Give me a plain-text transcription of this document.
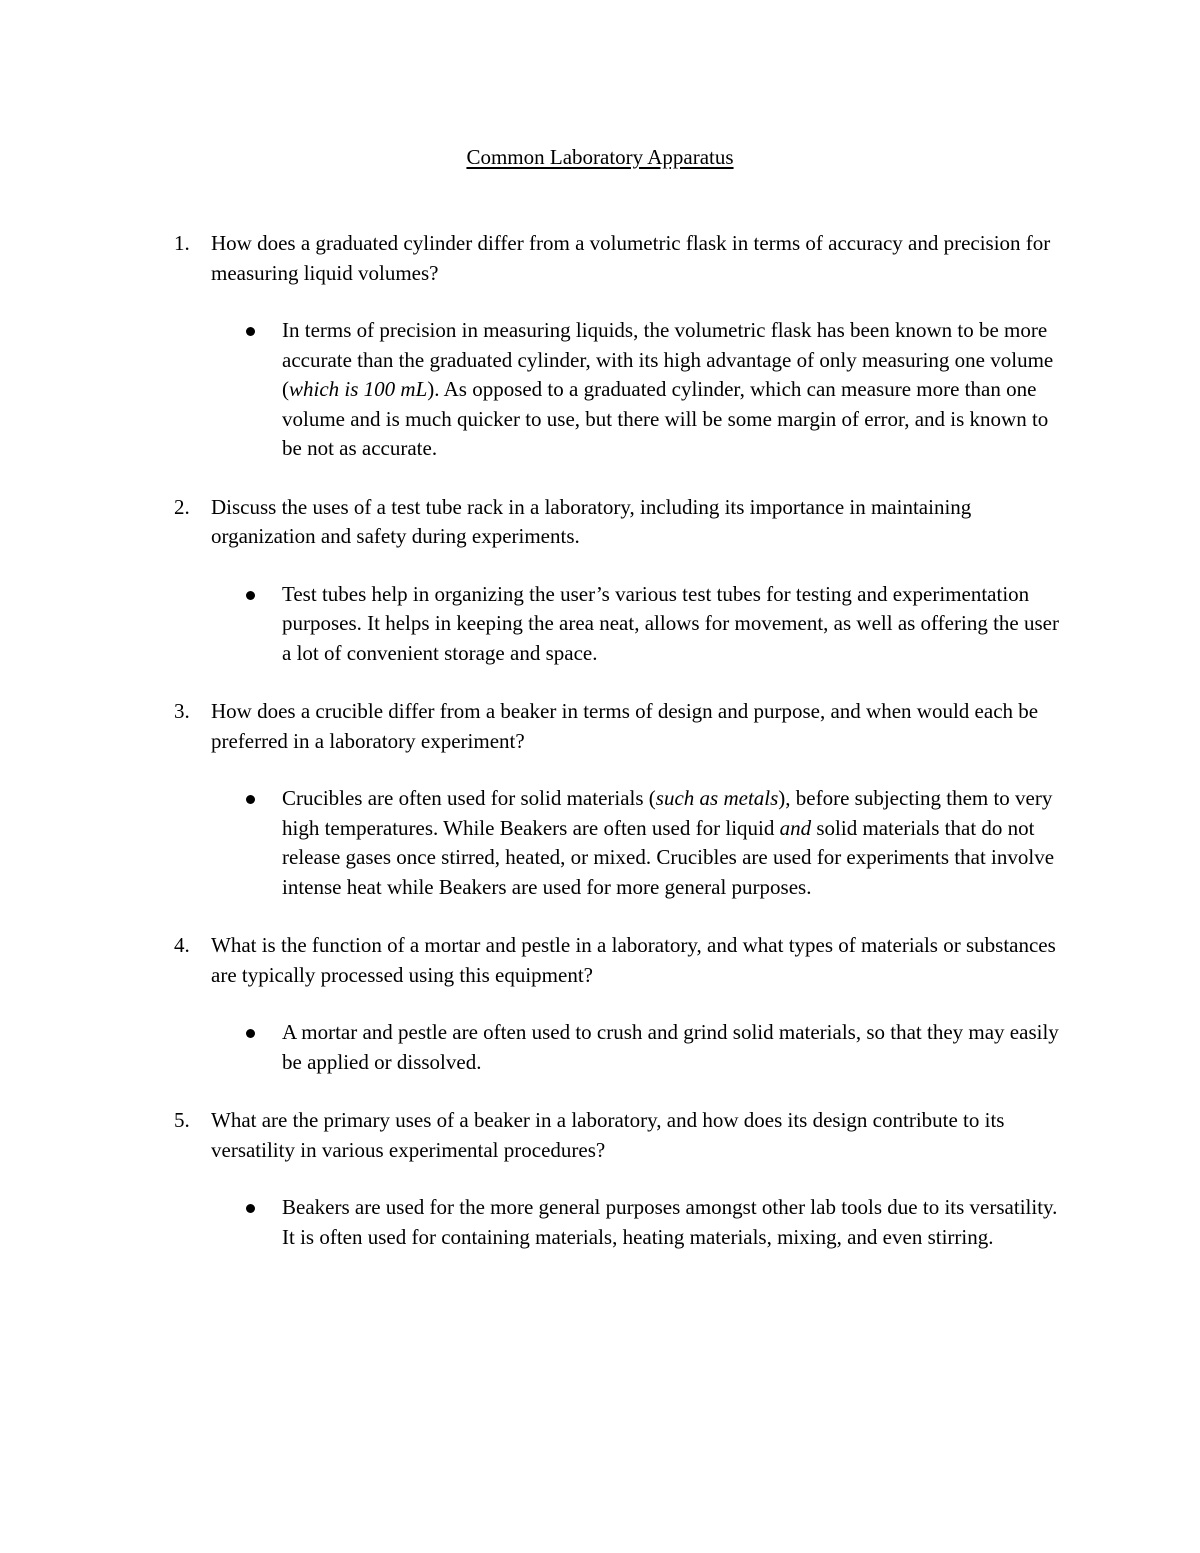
Common Laboratory Apparatus
1. How does a graduated cylinder differ from a volumetric flask in terms of accuracy and precision for measuring liquid volumes?

In terms of precision in measuring liquids, the volumetric flask has been known to be more accurate than the graduated cylinder, with its high advantage of only measuring one volume (which is 100 mL). As opposed to a graduated cylinder, which can measure more than one volume and is much quicker to use, but there will be some margin of error, and is known to be not as accurate.

2. Discuss the uses of a test tube rack in a laboratory, including its importance in maintaining organization and safety during experiments.

Test tubes help in organizing the user’s various test tubes for testing and experimentation purposes. It helps in keeping the area neat, allows for movement, as well as offering the user a lot of convenient storage and space.

3. How does a crucible differ from a beaker in terms of design and purpose, and when would each be preferred in a laboratory experiment?

Crucibles are often used for solid materials (such as metals), before subjecting them to very high temperatures. While Beakers are often used for liquid and solid materials that do not release gases once stirred, heated, or mixed. Crucibles are used for experiments that involve intense heat while Beakers are used for more general purposes.

4. What is the function of a mortar and pestle in a laboratory, and what types of materials or substances are typically processed using this equipment?

A mortar and pestle are often used to crush and grind solid materials, so that they may easily be applied or dissolved.

5. What are the primary uses of a beaker in a laboratory, and how does its design contribute to its versatility in various experimental procedures?

Beakers are used for the more general purposes amongst other lab tools due to its versatility. It is often used for containing materials, heating materials, mixing, and even stirring.
